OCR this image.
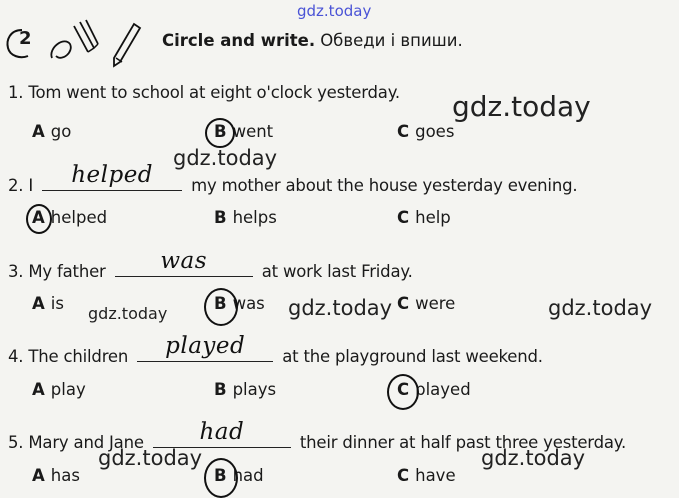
gdz.today
2	Circle and write. Обведи і впиши.
1. Tom went to school at eight o'clock yesterday.
A go	B went	C goes
2. I	helped	my mother about the house yesterday evening.
A helped	B helps	C help
3. My father	was	at work last Friday.
A is	B was	C were
4. The children	played	at the playground last weekend.
A play	B plays	C played
5. Mary and Jane	had	their dinner at half past three yesterday.
A has	B had	C have
gdz.today
gdz.today
gdz.today	gdz.today	gdz.today
gdz.today	gdz.today
